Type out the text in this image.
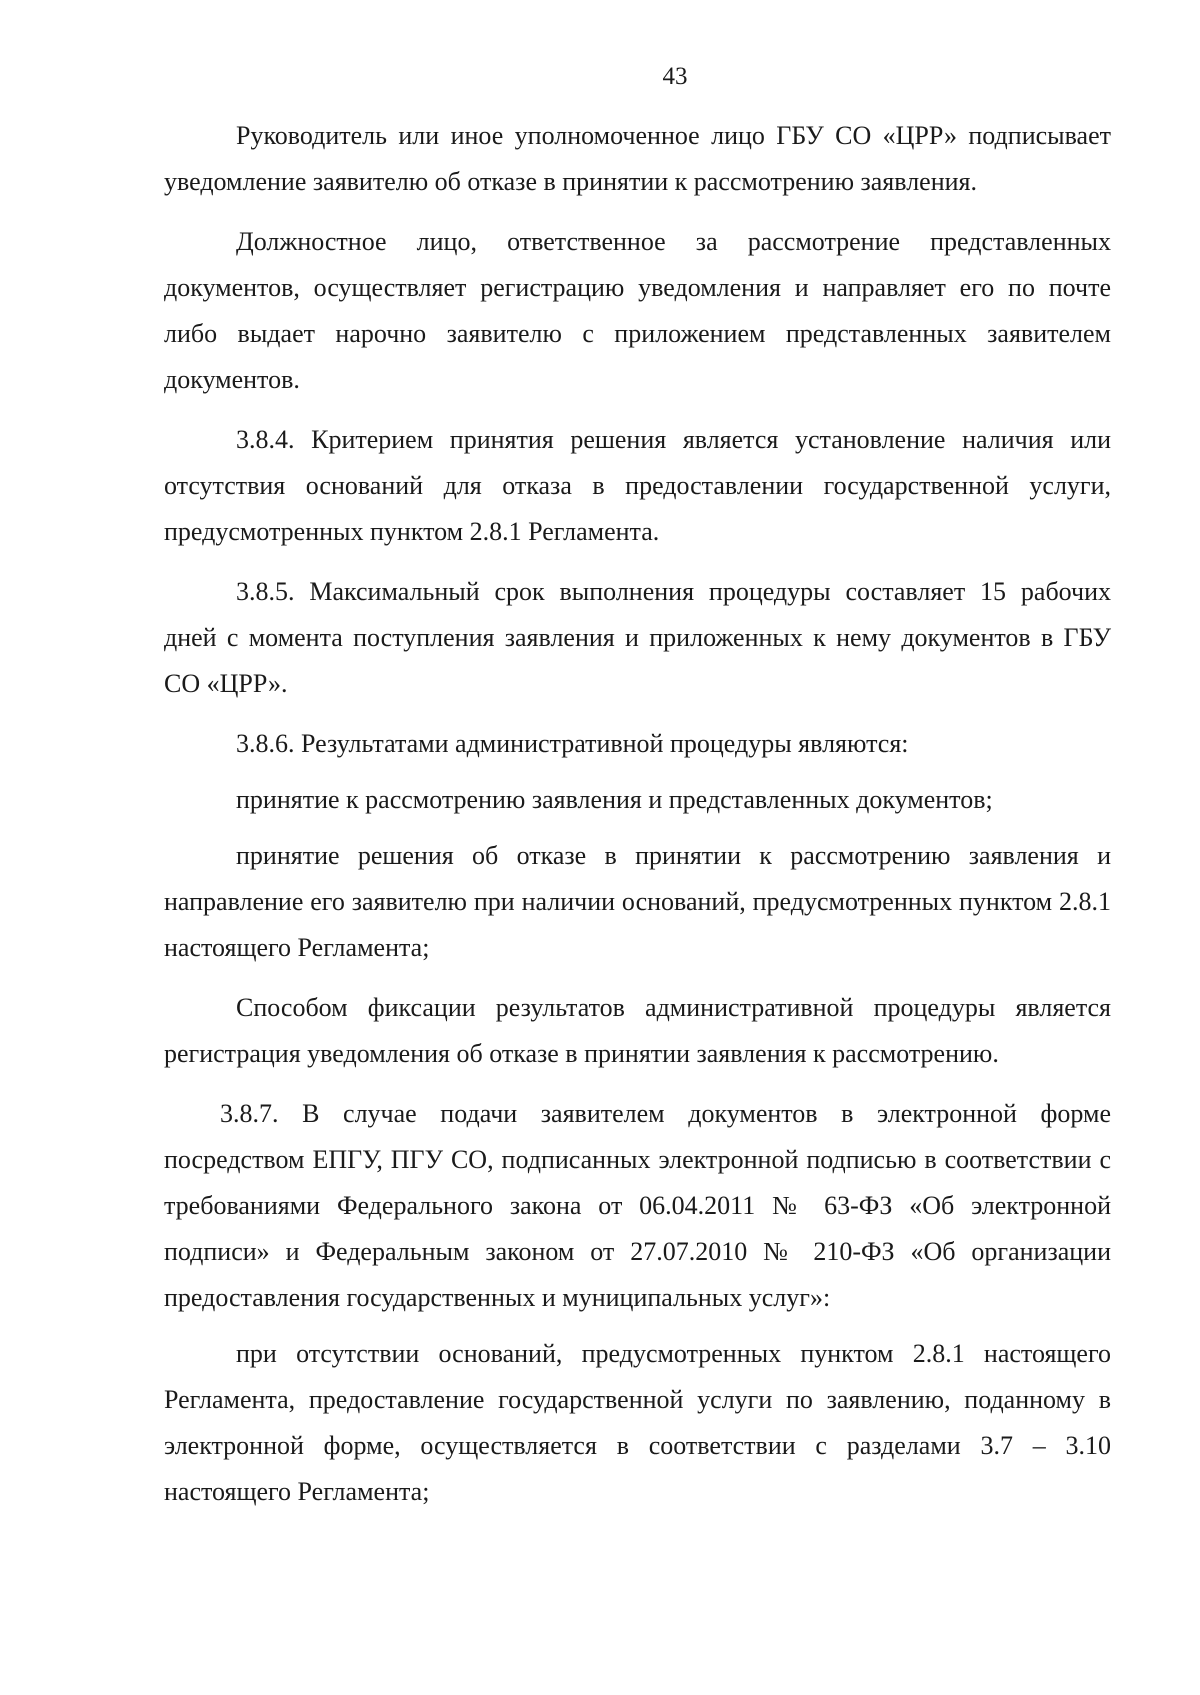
43

Руководитель или иное уполномоченное лицо ГБУ СО «ЦРР» подписывает уведомление заявителю об отказе в принятии к рассмотрению заявления.

Должностное лицо, ответственное за рассмотрение представленных документов, осуществляет регистрацию уведомления и направляет его по почте либо выдает нарочно заявителю с приложением представленных заявителем документов.

3.8.4. Критерием принятия решения является установление наличия или отсутствия оснований для отказа в предоставлении государственной услуги, предусмотренных пунктом 2.8.1 Регламента.

3.8.5. Максимальный срок выполнения процедуры составляет 15 рабочих дней с момента поступления заявления и приложенных к нему документов в ГБУ СО «ЦРР».

3.8.6. Результатами административной процедуры являются:

принятие к рассмотрению заявления и представленных документов;

принятие решения об отказе в принятии к рассмотрению заявления и направление его заявителю при наличии оснований, предусмотренных пунктом 2.8.1 настоящего Регламента;

Способом фиксации результатов административной процедуры является регистрация уведомления об отказе в принятии заявления к рассмотрению.

3.8.7. В случае подачи заявителем документов в электронной форме посредством ЕПГУ, ПГУ СО, подписанных электронной подписью в соответствии с требованиями Федерального закона от 06.04.2011 № 63-ФЗ «Об электронной подписи» и Федеральным законом от 27.07.2010 № 210-ФЗ «Об организации предоставления государственных и муниципальных услуг»:

при отсутствии оснований, предусмотренных пунктом 2.8.1 настоящего Регламента, предоставление государственной услуги по заявлению, поданному в электронной форме, осуществляется в соответствии с разделами 3.7 – 3.10 настоящего Регламента;
